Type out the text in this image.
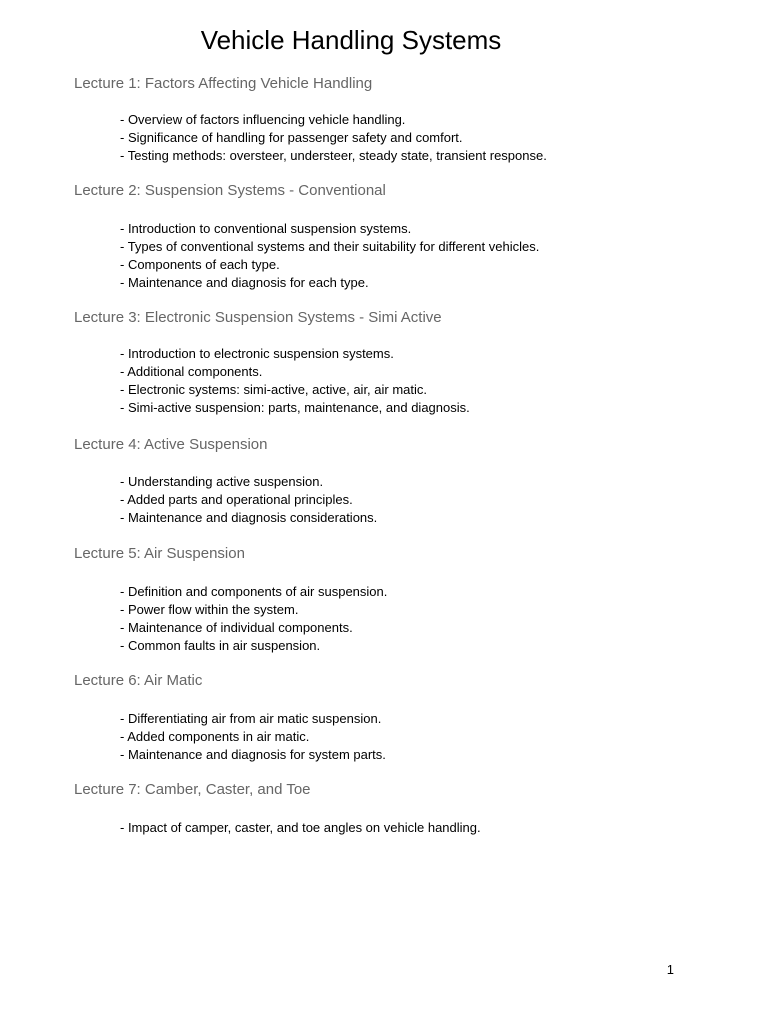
Vehicle Handling Systems
Lecture 1: Factors Affecting Vehicle Handling
- Overview of factors influencing vehicle handling.
- Significance of handling for passenger safety and comfort.
- Testing methods: oversteer, understeer, steady state, transient response.
Lecture 2: Suspension Systems - Conventional
- Introduction to conventional suspension systems.
- Types of conventional systems and their suitability for different vehicles.
- Components of each type.
- Maintenance and diagnosis for each type.
Lecture 3: Electronic Suspension Systems - Simi Active
- Introduction to electronic suspension systems.
- Additional components.
- Electronic systems: simi-active, active, air, air matic.
- Simi-active suspension: parts, maintenance, and diagnosis.
Lecture 4: Active Suspension
- Understanding active suspension.
- Added parts and operational principles.
- Maintenance and diagnosis considerations.
Lecture 5: Air Suspension
- Definition and components of air suspension.
- Power flow within the system.
- Maintenance of individual components.
- Common faults in air suspension.
Lecture 6: Air Matic
- Differentiating air from air matic suspension.
- Added components in air matic.
- Maintenance and diagnosis for system parts.
Lecture 7: Camber, Caster, and Toe
- Impact of camper, caster, and toe angles on vehicle handling.
1
